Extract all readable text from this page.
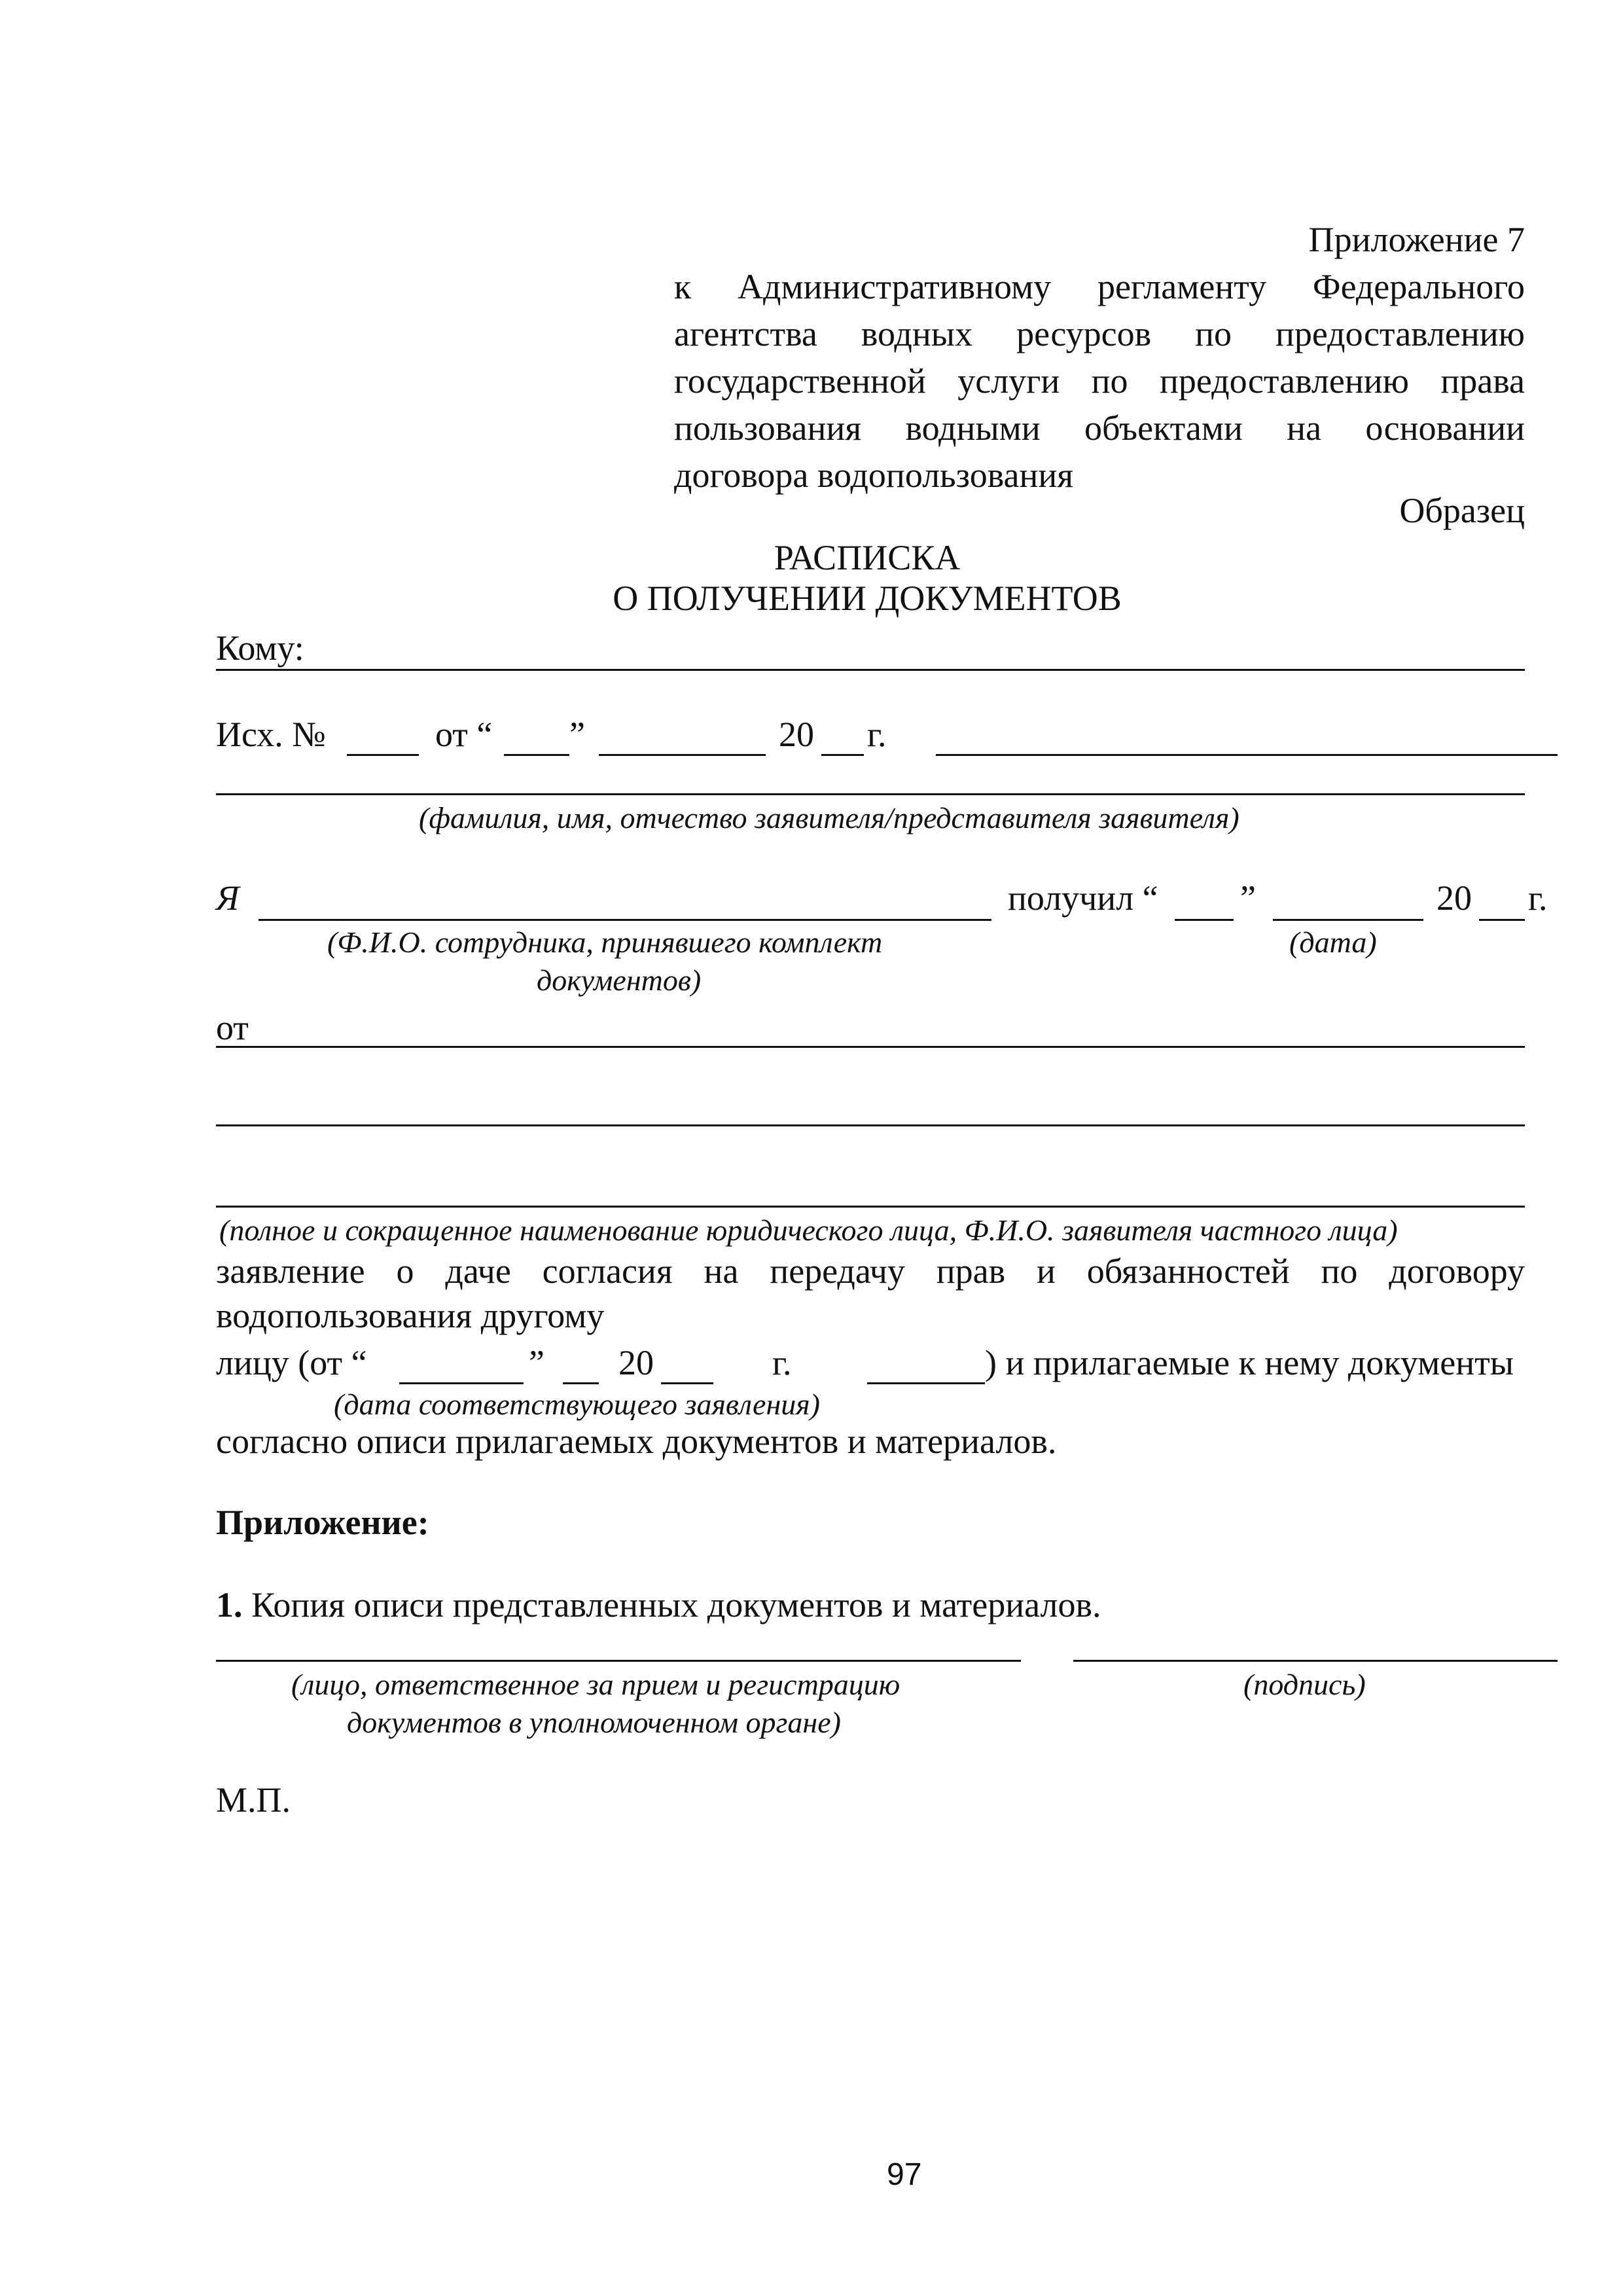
Приложение 7
к Административному регламенту Федерального
агентства водных ресурсов по предоставлению
государственной услуги по предоставлению права
пользования водными объектами на основании
договора водопользования
Образец
РАСПИСКА
О ПОЛУЧЕНИИ ДОКУМЕНТОВ
Кому:
Исх. №	от “ ”	20 г.
(фамилия, имя, отчество заявителя/представителя заявителя)
Я	получил “ ”	20 г.
(Ф.И.О. сотрудника, принявшего комплект	(дата)
документов)
от
(полное и сокращенное наименование юридического лица, Ф.И.О. заявителя частного лица)
заявление о даче согласия на передачу прав и обязанностей по договору
водопользования другому
лицу (от “	” 20	г.	) и прилагаемые к нему документы
(дата соответствующего заявления)
согласно описи прилагаемых документов и материалов.
Приложение:
1. Копия описи представленных документов и материалов.
(лицо, ответственное за прием и регистрацию	(подпись)
документов в уполномоченном органе)
М.П.
97
